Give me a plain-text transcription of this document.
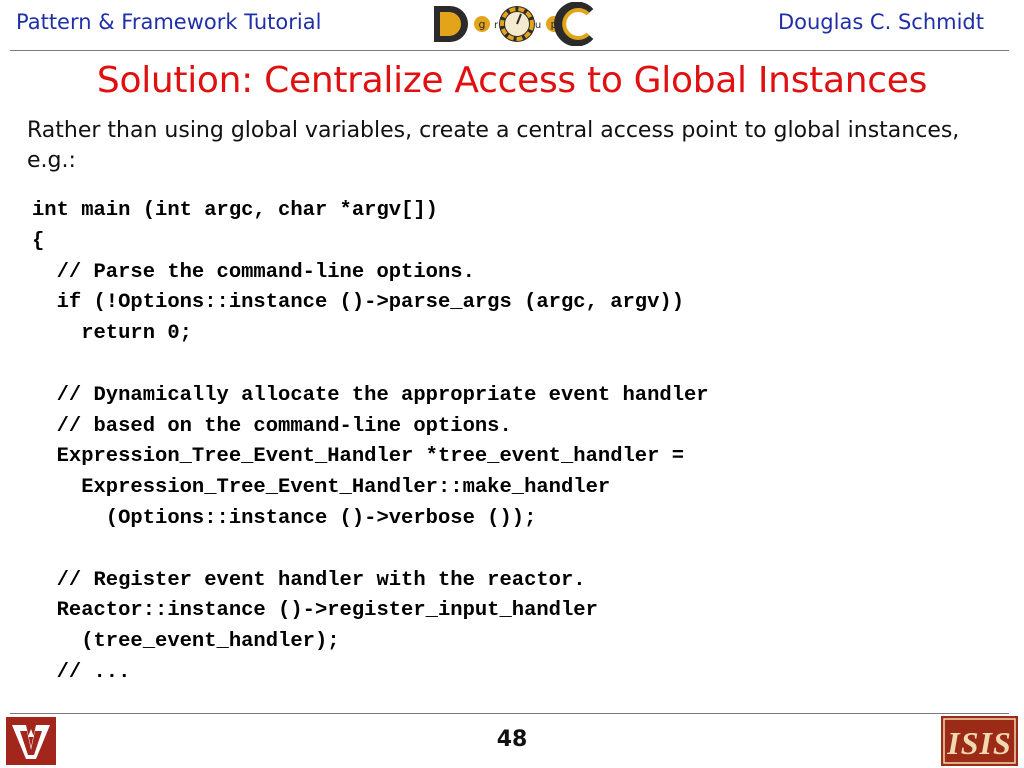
Pattern & Framework Tutorial	g r	u p	Douglas C. Schmidt
Solution: Centralize Access to Global Instances
Rather than using global variables, create a central access point to global instances, e.g.:
int main (int argc, char *argv[])
{
// Parse the command-line options.
if (!Options::instance ()->parse_args (argc, argv))
return 0;
// Dynamically allocate the appropriate event handler
// based on the command-line options.
Expression_Tree_Event_Handler *tree_event_handler =
Expression_Tree_Event_Handler::make_handler
(Options::instance ()->verbose ());
// Register event handler with the reactor.
Reactor::instance ()->register_input_handler
(tree_event_handler);
// ...
48	ISIS
